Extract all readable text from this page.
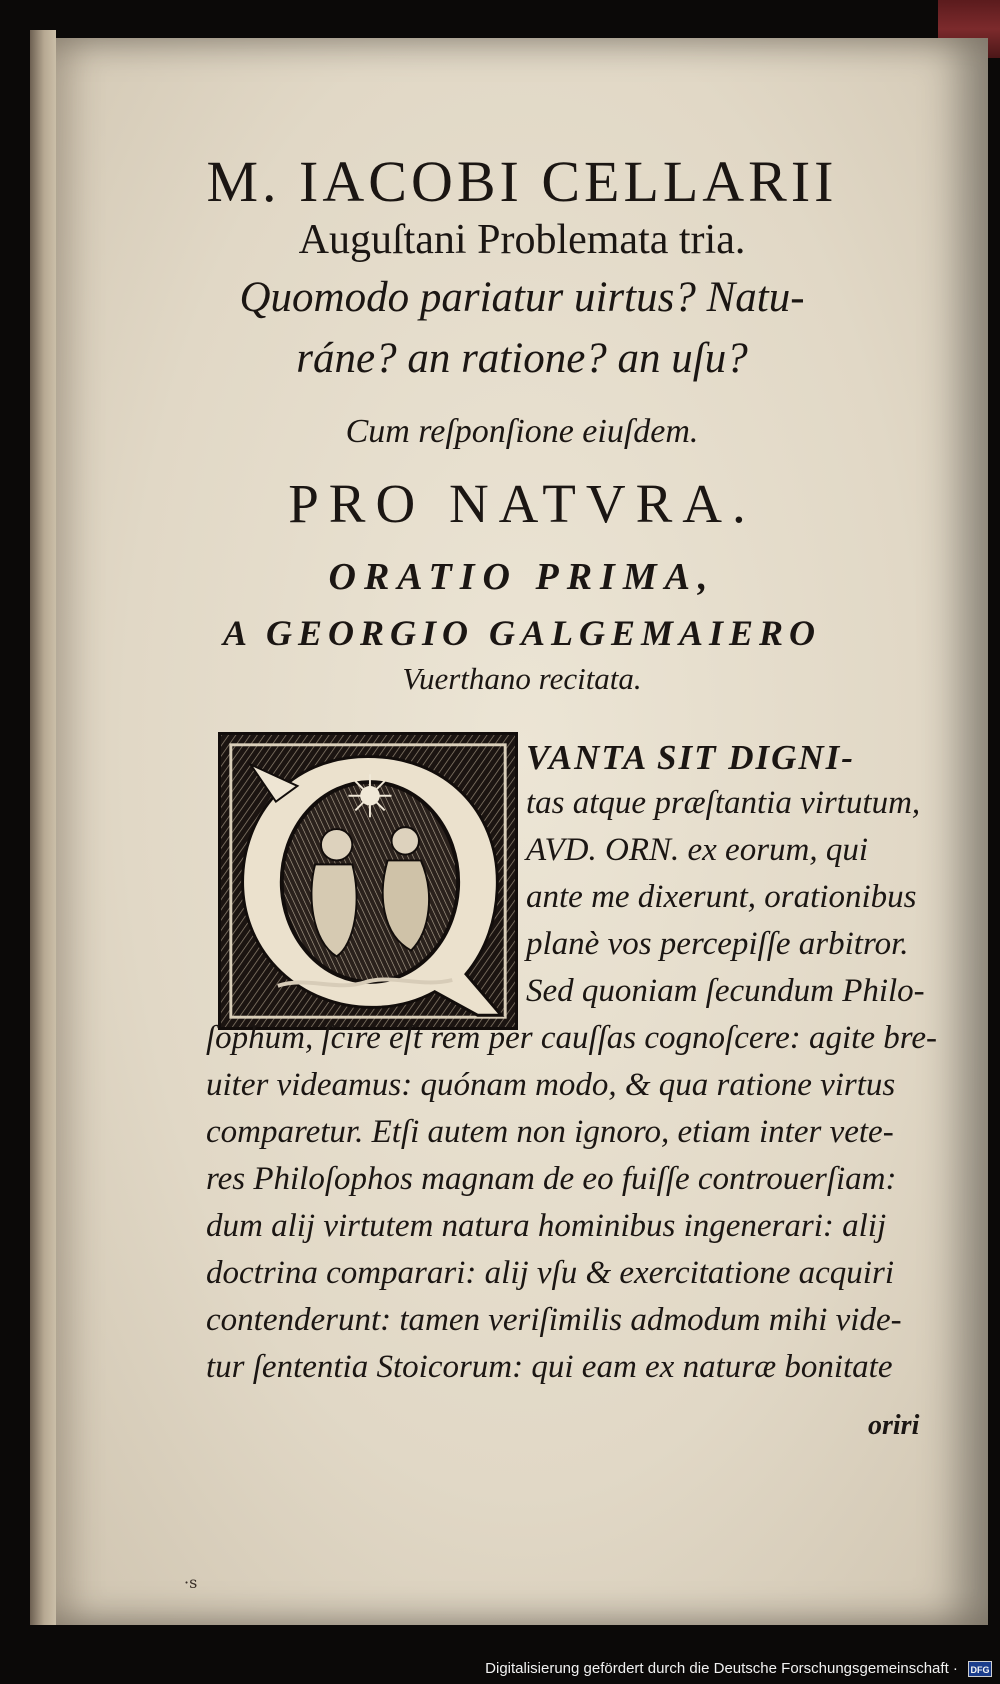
M. IACOBI CELLARII
Auguſtani Problemata tria.
Quomodo pariatur uirtus? Natu-
ráne? an ratione? an uſu?
Cum reſponſione eiuſdem.
PRO NATVRA.
ORATIO PRIMA,
A GEORGIO GALGEMAIERO
Vuerthano recitata.
VANTA SIT DIGNI-
tas atque præſtantia virtutum,
AVD. ORN. ex eorum, qui
ante me dixerunt, orationibus
planè vos percepiſſe arbitror.
Sed quoniam ſecundum Philo-
ſophum, ſcire eſt rem per cauſſas cognoſcere: agite bre-
uiter videamus: quónam modo, & qua ratione virtus
comparetur. Etſi autem non ignoro, etiam inter vete-
res Philoſophos magnam de eo fuiſſe controuerſiam:
dum alij virtutem natura hominibus ingenerari: alij
doctrina comparari: alij vſu & exercitatione acquiri
contenderunt: tamen veriſimilis admodum mihi vide-
tur ſententia Stoicorum: qui eam ex naturæ bonitate
oriri
·s
Digitalisierung gefördert durch die Deutsche Forschungsgemeinschaft · DFG
